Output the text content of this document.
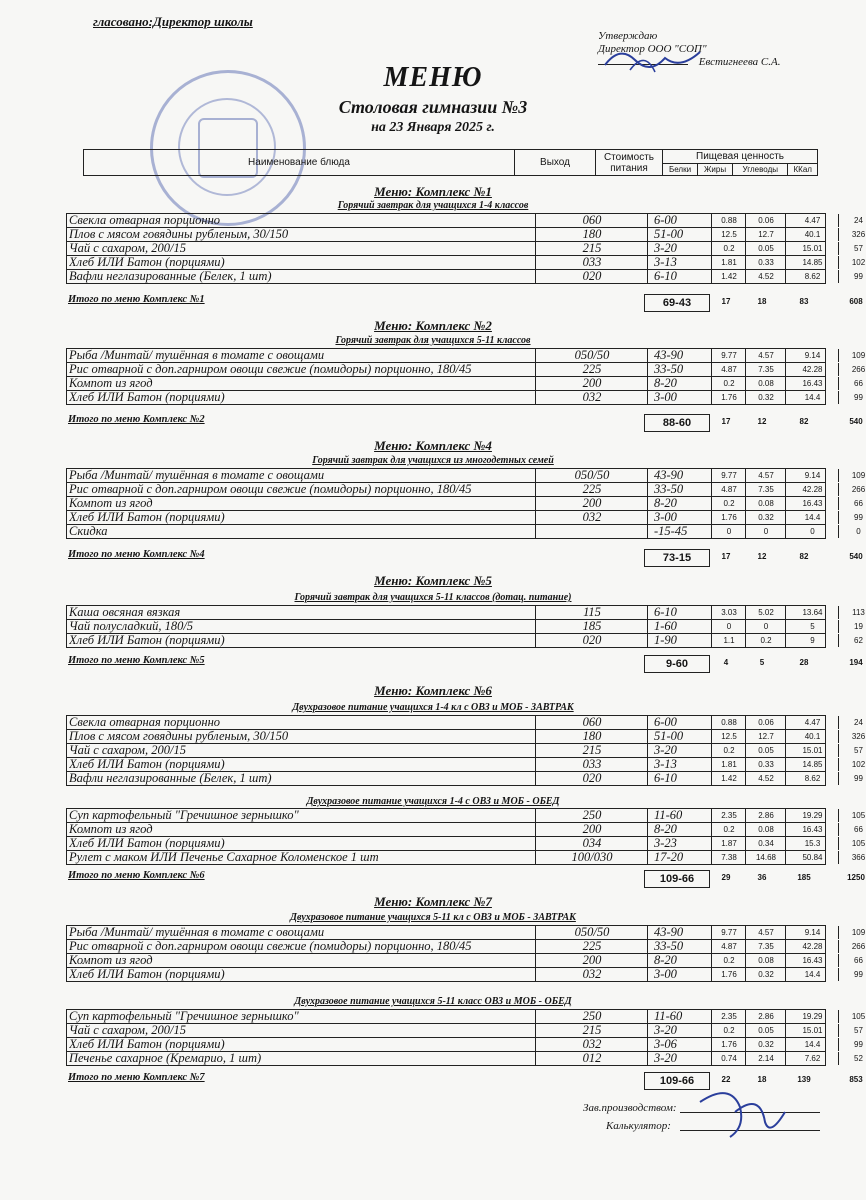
гласовано:Директор школы
Утверждаю
Директор ООО "СОП"
Евстигнеева С.А.
МЕНЮ
Столовая гимназии №3
на 23 Января 2025 г.
Наименование блюда	Выход	Стоимость
питания	Пищевая ценность			
			Белки	Жиры	Углеводы	ККал
Меню: Комплекс №1
Горячий завтрак для учащихся 1-4 классов
Свекла отварная порционно	060	6-00	0.88	0.06	4.47	24
Плов с мясом говядины рубленым, 30/150	180	51-00	12.5	12.7	40.1	326
Чай с сахаром, 200/15	215	3-20	0.2	0.05	15.01	57
Хлеб ИЛИ Батон (порциями)	033	3-13	1.81	0.33	14.85	102
Вафли неглазированные (Белек, 1 шт)	020	6-10	1.42	4.52	8.62	99
Итого по меню Комплекс №1	69-43	17	18	83	608
Меню: Комплекс №2
Горячий завтрак для учащихся 5-11 классов
Рыба /Минтай/ тушённая в томате с овощами	050/50	43-90	9.77	4.57	9.14	109
Рис отварной с доп.гарниром овощи свежие (помидоры) порционно, 180/45	225	33-50	4.87	7.35	42.28	266
Компот из ягод	200	8-20	0.2	0.08	16.43	66
Хлеб ИЛИ Батон (порциями)	032	3-00	1.76	0.32	14.4	99
Итого по меню Комплекс №2	88-60	17	12	82	540
Меню: Комплекс №4
Горячий завтрак для учащихся из многодетных семей
Рыба /Минтай/ тушённая в томате с овощами	050/50	43-90	9.77	4.57	9.14	109
Рис отварной с доп.гарниром овощи свежие (помидоры) порционно, 180/45	225	33-50	4.87	7.35	42.28	266
Компот из ягод	200	8-20	0.2	0.08	16.43	66
Хлеб ИЛИ Батон (порциями)	032	3-00	1.76	0.32	14.4	99
Скидка	-15-45	0	0	0	0
Итого по меню Комплекс №4	73-15	17	12	82	540
Меню: Комплекс №5
Горячий завтрак для учащихся 5-11 классов (дотац. питание)
Каша овсяная вязкая	115	6-10	3.03	5.02	13.64	113
Чай полусладкий, 180/5	185	1-60	0	0	5	19
Хлеб ИЛИ Батон (порциями)	020	1-90	1.1	0.2	9	62
Итого по меню Комплекс №5	9-60	4	5	28	194
Меню: Комплекс №6
Двухразовое питание учащихся 1-4 кл с ОВЗ и МОБ - ЗАВТРАК
Свекла отварная порционно	060	6-00	0.88	0.06	4.47	24
Плов с мясом говядины рубленым, 30/150	180	51-00	12.5	12.7	40.1	326
Чай с сахаром, 200/15	215	3-20	0.2	0.05	15.01	57
Хлеб ИЛИ Батон (порциями)	033	3-13	1.81	0.33	14.85	102
Вафли неглазированные (Белек, 1 шт)	020	6-10	1.42	4.52	8.62	99
Двухразовое питание учащихся 1-4 с ОВЗ и МОБ - ОБЕД
Суп картофельный "Гречишное зернышко"	250	11-60	2.35	2.86	19.29	105
Компот из ягод	200	8-20	0.2	0.08	16.43	66
Хлеб ИЛИ Батон (порциями)	034	3-23	1.87	0.34	15.3	105
Рулет с маком ИЛИ Печенье Сахарное Коломенское 1 шт	100/030	17-20	7.38	14.68	50.84	366
Итого по меню Комплекс №6	109-66	29	36	185	1250
Меню: Комплекс №7
Двухразовое питание учащихся 5-11 кл с ОВЗ и МОБ - ЗАВТРАК
Рыба /Минтай/ тушённая в томате с овощами	050/50	43-90	9.77	4.57	9.14	109
Рис отварной с доп.гарниром овощи свежие (помидоры) порционно, 180/45	225	33-50	4.87	7.35	42.28	266
Компот из ягод	200	8-20	0.2	0.08	16.43	66
Хлеб ИЛИ Батон (порциями)	032	3-00	1.76	0.32	14.4	99
Двухразовое питание учащихся 5-11 класс ОВЗ и МОБ - ОБЕД
Суп картофельный "Гречишное зернышко"	250	11-60	2.35	2.86	19.29	105
Чай с сахаром, 200/15	215	3-20	0.2	0.05	15.01	57
Хлеб ИЛИ Батон (порциями)	032	3-06	1.76	0.32	14.4	99
Печенье сахарное (Кремарио, 1 шт)	012	3-20	0.74	2.14	7.62	52
Итого по меню Комплекс №7	109-66	22	18	139	853
Зав.производством:
Калькулятор:
